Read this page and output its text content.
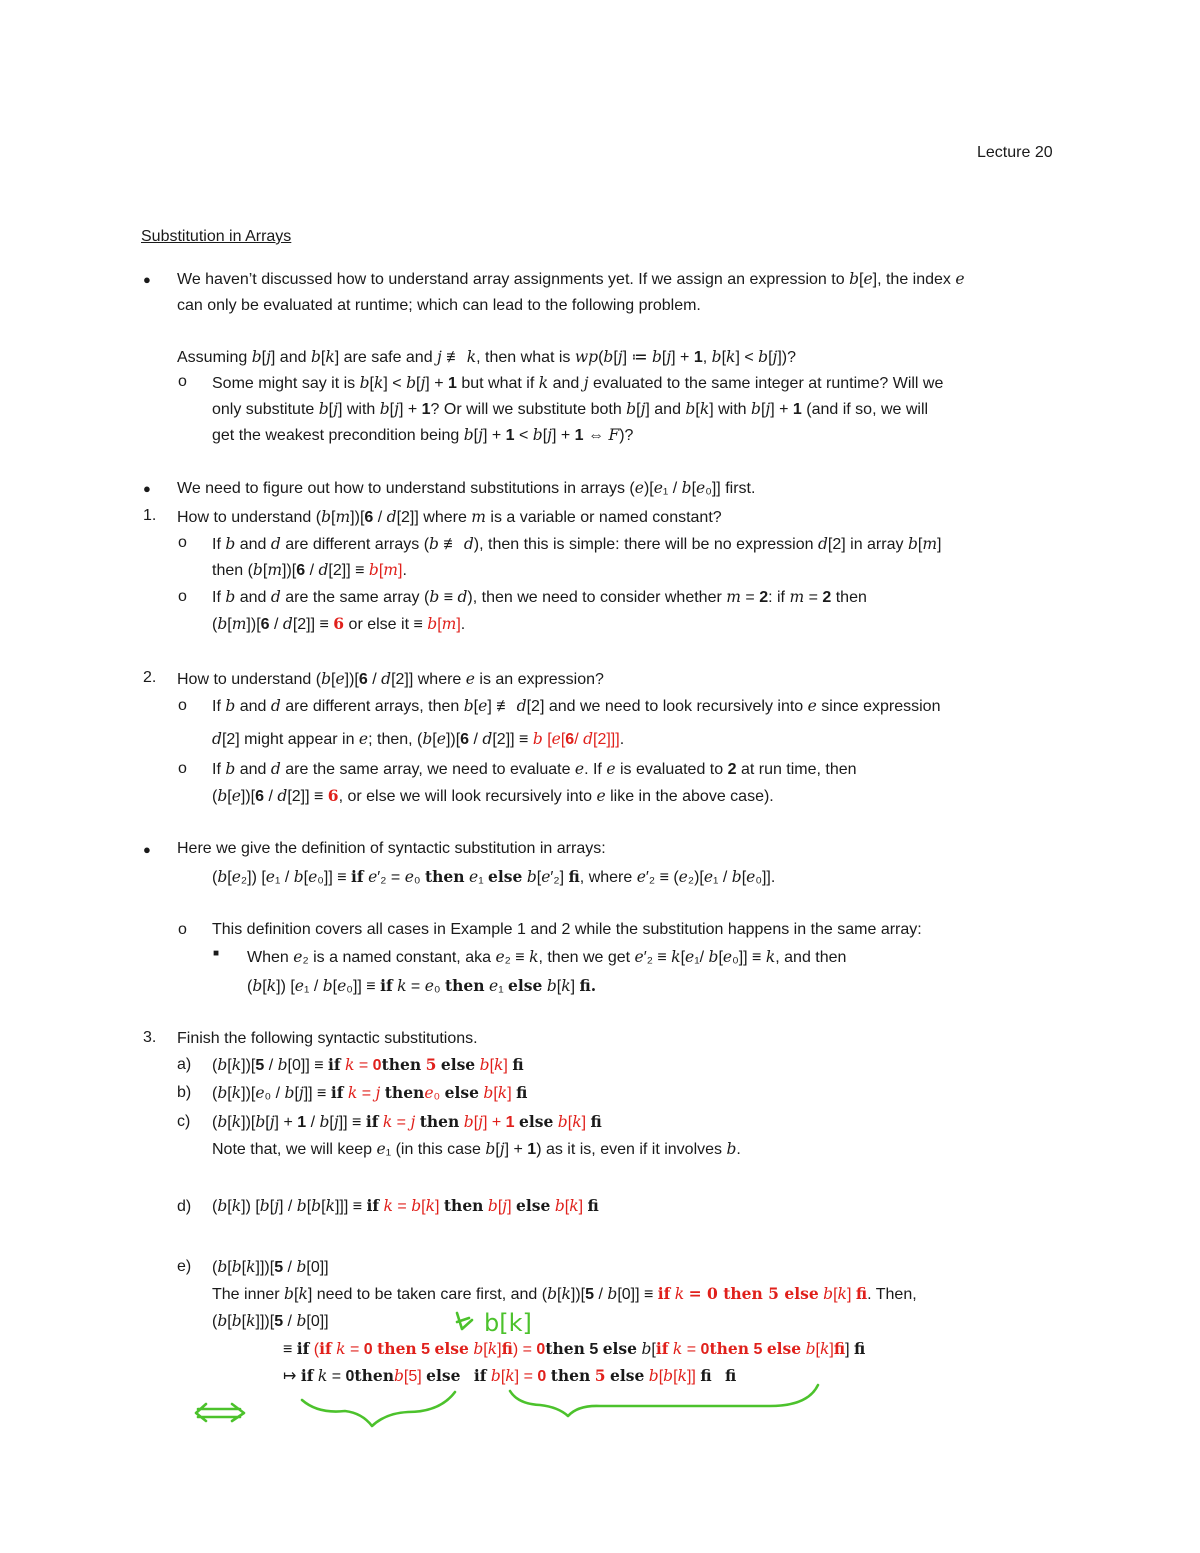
Lecture 20
Substitution in Arrays
● We haven’t discussed how to understand array assignments yet. If we assign an expression to b[e], the index e
can only be evaluated at runtime; which can lead to the following problem.
Assuming b[j] and b[k] are safe and j ≢ k, then what is wp(b[j] ≔ b[j] + 1, b[k] < b[j])?
o Some might say it is b[k] < b[j] + 1 but what if k and j evaluated to the same integer at runtime? Will we
only substitute b[j] with b[j] + 1? Or will we substitute both b[j] and b[k] with b[j] + 1 (and if so, we will
get the weakest precondition being b[j] + 1 < b[j] + 1 ⇔ F)?
● We need to figure out how to understand substitutions in arrays (e)[e₁ / b[e₀]] first.
1. How to understand (b[m])[6 / d[2]] where m is a variable or named constant?
o If b and d are different arrays (b ≢ d), then this is simple: there will be no expression d[2] in array b[m]
then (b[m])[6 / d[2]] ≡ b[m].
o If b and d are the same array (b ≡ d), then we need to consider whether m = 2: if m = 2 then
(b[m])[6 / d[2]] ≡ 6 or else it ≡ b[m].
2. How to understand (b[e])[6 / d[2]] where e is an expression?
o If b and d are different arrays, then b[e] ≢ d[2] and we need to look recursively into e since expression
d[2] might appear in e; then, (b[e])[6 / d[2]] ≡ b [e[6/ d[2]]].
o If b and d are the same array, we need to evaluate e. If e is evaluated to 2 at run time, then
(b[e])[6 / d[2]] ≡ 6, or else we will look recursively into e like in the above case).
● Here we give the definition of syntactic substitution in arrays:
(b[e₂]) [e₁ / b[e₀]] ≡ if e′₂ = e₀ then e₁ else b[e′₂] fi, where e′₂ ≡ (e₂)[e₁ / b[e₀]].
o This definition covers all cases in Example 1 and 2 while the substitution happens in the same array:
■ When e₂ is a named constant, aka e₂ ≡ k, then we get e′₂ ≡ k[e₁/ b[e₀]] ≡ k, and then
(b[k]) [e₁ / b[e₀]] ≡ if k = e₀ then e₁ else b[k] fi.
3. Finish the following syntactic substitutions.
a) (b[k])[5 / b[0]] ≡ if k = 0then 5 else b[k] fi
b) (b[k])[e₀ / b[j]] ≡ if k = j thene₀ else b[k] fi
c) (b[k])[b[j] + 1 / b[j]] ≡ if k = j then b[j] + 1 else b[k] fi
Note that, we will keep e₁ (in this case b[j] + 1) as it is, even if it involves b.
d) (b[k]) [b[j] / b[b[k]]] ≡ if k = b[k] then b[j] else b[k] fi
e) (b[b[k]])[5 / b[0]]
The inner b[k] need to be taken care first, and (b[k])[5 / b[0]] ≡ if k = 0 then 5 else b[k] fi. Then,
(b[b[k]])[5 / b[0]]
≡ if (if k = 0 then 5 else b[k]fi) = 0then 5 else b[if k = 0then 5 else b[k]fi] fi
↦ if k = 0thenb[5] else if b[k] = 0 then 5 else b[b[k]] fi fi
b[k]
